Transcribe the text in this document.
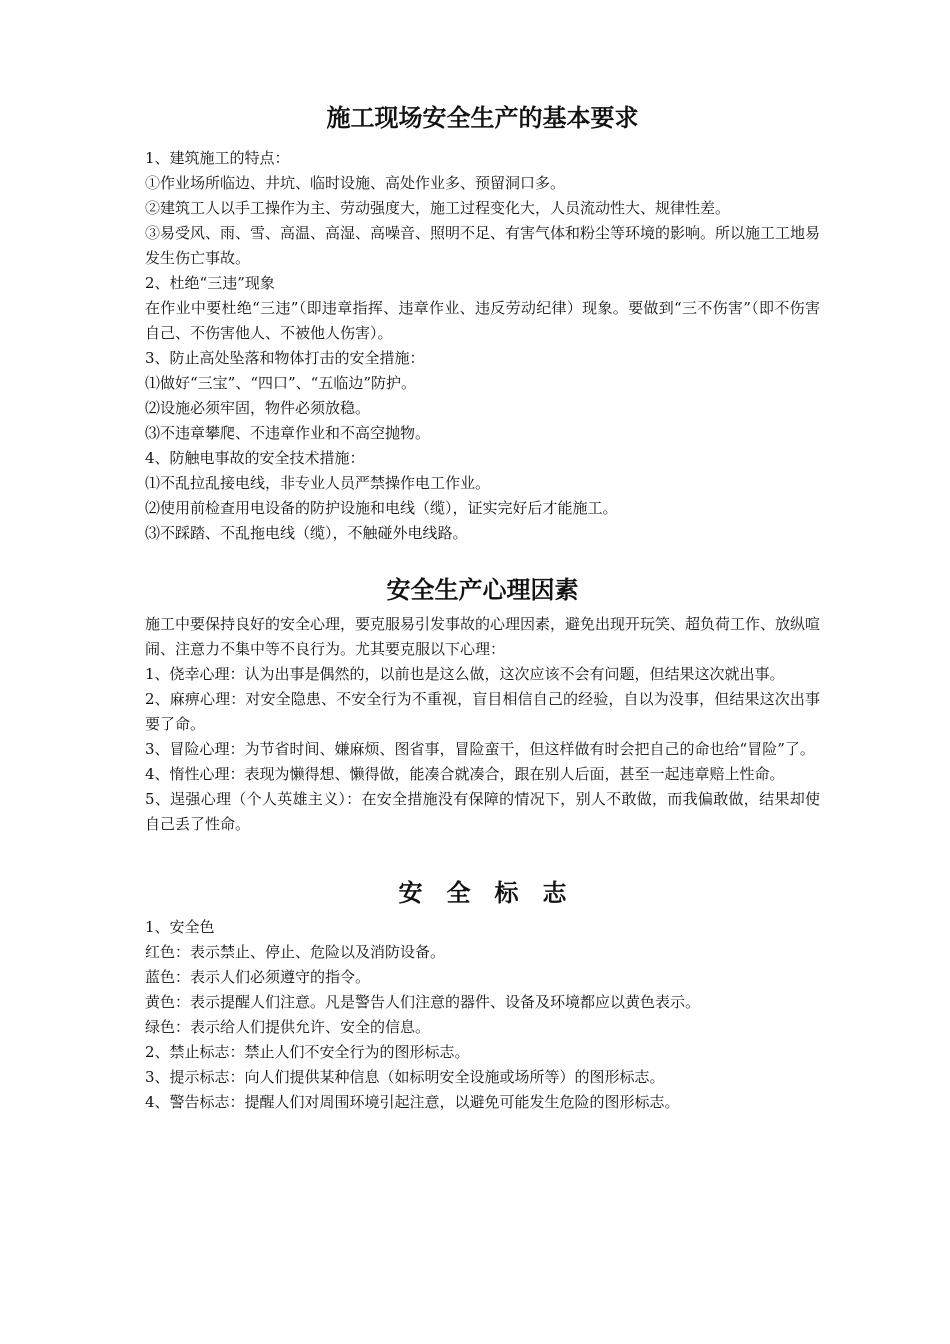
施工现场安全生产的基本要求

1、建筑施工的特点：

①作业场所临边、井坑、临时设施、高处作业多、预留洞口多。

②建筑工人以手工操作为主、劳动强度大，施工过程变化大，人员流动性大、规律性差。

③易受风、雨、雪、高温、高湿、高噪音、照明不足、有害气体和粉尘等环境的影响。所以施工工地易发生伤亡事故。

2、杜绝“三违”现象

在作业中要杜绝“三违”（即违章指挥、违章作业、违反劳动纪律）现象。要做到“三不伤害”（即不伤害自己、不伤害他人、不被他人伤害）。

3、防止高处坠落和物体打击的安全措施：

⑴做好“三宝”、“四口”、“五临边”防护。

⑵设施必须牢固，物件必须放稳。

⑶不违章攀爬、不违章作业和不高空抛物。

4、防触电事故的安全技术措施：

⑴不乱拉乱接电线，非专业人员严禁操作电工作业。

⑵使用前检查用电设备的防护设施和电线（缆），证实完好后才能施工。

⑶不踩踏、不乱拖电线（缆），不触碰外电线路。

安全生产心理因素

施工中要保持良好的安全心理，要克服易引发事故的心理因素，避免出现开玩笑、超负荷工作、放纵喧闹、注意力不集中等不良行为。尤其要克服以下心理：

1、侥幸心理：认为出事是偶然的，以前也是这么做，这次应该不会有问题，但结果这次就出事。

2、麻痹心理：对安全隐患、不安全行为不重视，盲目相信自己的经验，自以为没事，但结果这次出事要了命。

3、冒险心理：为节省时间、嫌麻烦、图省事，冒险蛮干，但这样做有时会把自己的命也给“冒险”了。

4、惰性心理：表现为懒得想、懒得做，能凑合就凑合，跟在别人后面，甚至一起违章赔上性命。

5、逞强心理（个人英雄主义）：在安全措施没有保障的情况下，别人不敢做，而我偏敢做，结果却使自己丢了性命。

安全标志

1、安全色

红色：表示禁止、停止、危险以及消防设备。

蓝色：表示人们必须遵守的指令。

黄色：表示提醒人们注意。凡是警告人们注意的器件、设备及环境都应以黄色表示。

绿色：表示给人们提供允许、安全的信息。

2、禁止标志：禁止人们不安全行为的图形标志。

3、提示标志：向人们提供某种信息（如标明安全设施或场所等）的图形标志。

4、警告标志：提醒人们对周围环境引起注意，以避免可能发生危险的图形标志。
